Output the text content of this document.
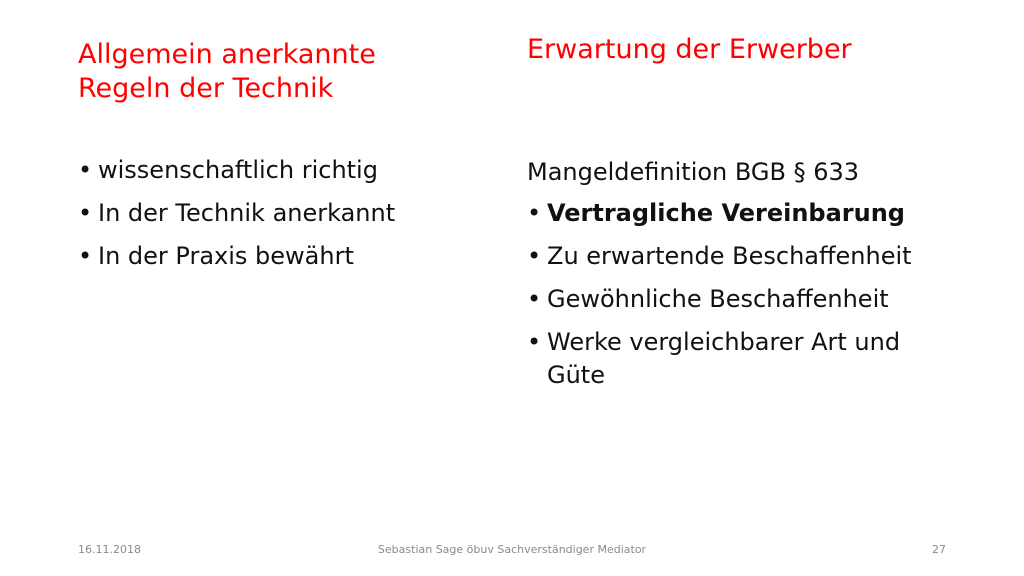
Allgemein anerkannte Regeln der Technik
Erwartung der Erwerber
• wissenschaftlich richtig
• In der Technik anerkannt
• In der Praxis bewährt

Mangeldefinition BGB § 633

• Vertragliche Vereinbarung
• Zu erwartende Beschaffenheit
• Gewöhnliche Beschaffenheit
• Werke vergleichbarer Art und Güte
16.11.2018	Sebastian Sage öbuv Sachverständiger Mediator	27
